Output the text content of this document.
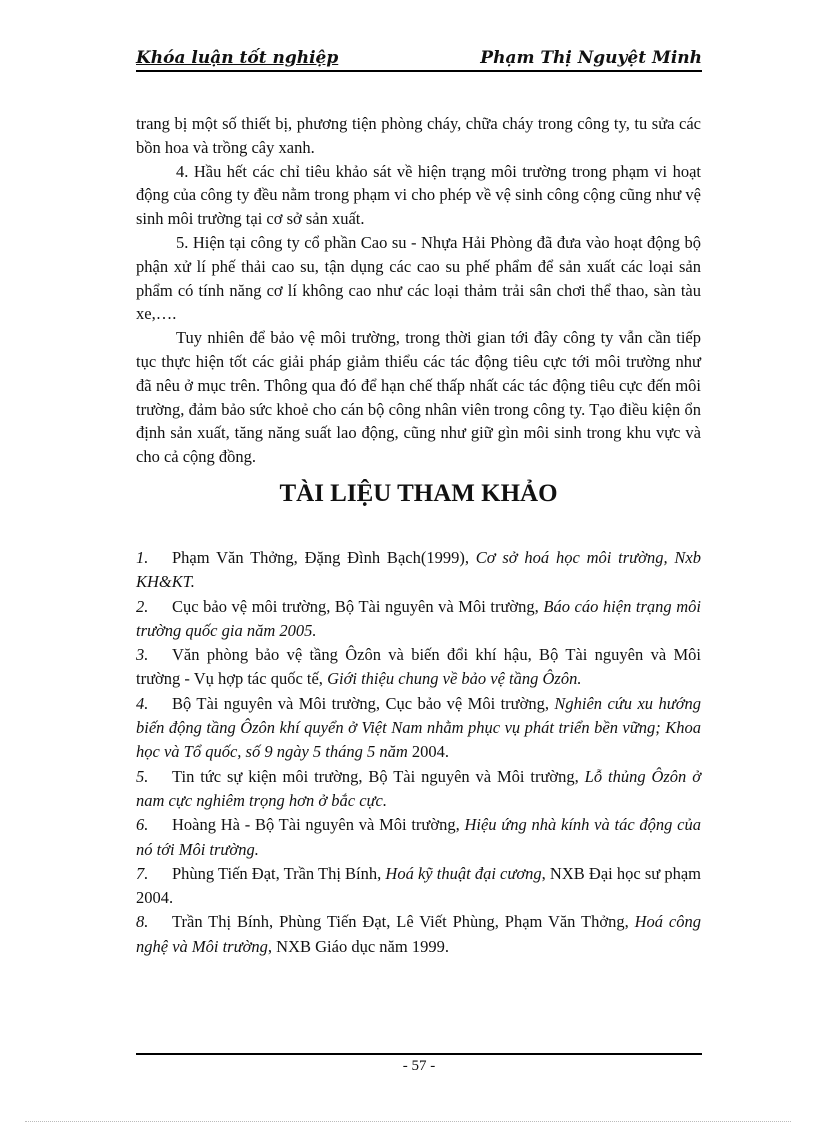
Khóa luận tốt nghiệp	Phạm Thị Nguyệt Minh

trang bị một số thiết bị, phương tiện phòng cháy, chữa cháy trong công ty, tu sửa các bồn hoa và trồng cây xanh.

4. Hầu hết các chỉ tiêu khảo sát về hiện trạng môi trường trong phạm vi hoạt động của công ty đều nằm trong phạm vi cho phép về vệ sinh công cộng cũng như vệ sinh môi trường tại cơ sở sản xuất.

5. Hiện tại công ty cổ phần Cao su - Nhựa Hải Phòng đã đưa vào hoạt động bộ phận xử lí phế thải cao su, tận dụng các cao su phế phẩm để sản xuất các loại sản phẩm có tính năng cơ lí không cao như các loại thảm trải sân chơi thể thao, sàn tàu xe,….

Tuy nhiên để bảo vệ môi trường, trong thời gian tới đây công ty vẫn cần tiếp tục thực hiện tốt các giải pháp giảm thiểu các tác động tiêu cực tới môi trường như đã nêu ở mục trên. Thông qua đó để hạn chế thấp nhất các tác động tiêu cực đến môi trường, đảm bảo sức khoẻ cho cán bộ công nhân viên trong công ty. Tạo điều kiện ổn định sản xuất, tăng năng suất lao động, cũng như giữ gìn môi sinh trong khu vực và cho cả cộng đồng.

TÀI LIỆU THAM KHẢO

1. Phạm Văn Thởng, Đặng Đình Bạch(1999), Cơ sở hoá học môi trường, Nxb KH&KT.

2. Cục bảo vệ môi trường, Bộ Tài nguyên và Môi trường, Báo cáo hiện trạng môi trường quốc gia năm 2005.

3. Văn phòng bảo vệ tầng Ôzôn và biến đổi khí hậu, Bộ Tài nguyên và Môi trường - Vụ hợp tác quốc tế, Giới thiệu chung về bảo vệ tầng Ôzôn.

4. Bộ Tài nguyên và Môi trường, Cục bảo vệ Môi trường, Nghiên cứu xu hướng biến động tầng Ôzôn khí quyển ở Việt Nam nhằm phục vụ phát triển bền vững; Khoa học và Tổ quốc, số 9 ngày 5 tháng 5 năm 2004.

5. Tin tức sự kiện môi trường, Bộ Tài nguyên và Môi trường, Lỗ thủng Ôzôn ở nam cực nghiêm trọng hơn ở bắc cực.

6. Hoàng Hà - Bộ Tài nguyên và Môi trường, Hiệu ứng nhà kính và tác động của nó tới Môi trường.

7. Phùng Tiến Đạt, Trần Thị Bính, Hoá kỹ thuật đại cương, NXB Đại học sư phạm 2004.

8. Trần Thị Bính, Phùng Tiến Đạt, Lê Viết Phùng, Phạm Văn Thởng, Hoá công nghệ và Môi trường, NXB Giáo dục năm 1999.

- 57 -
